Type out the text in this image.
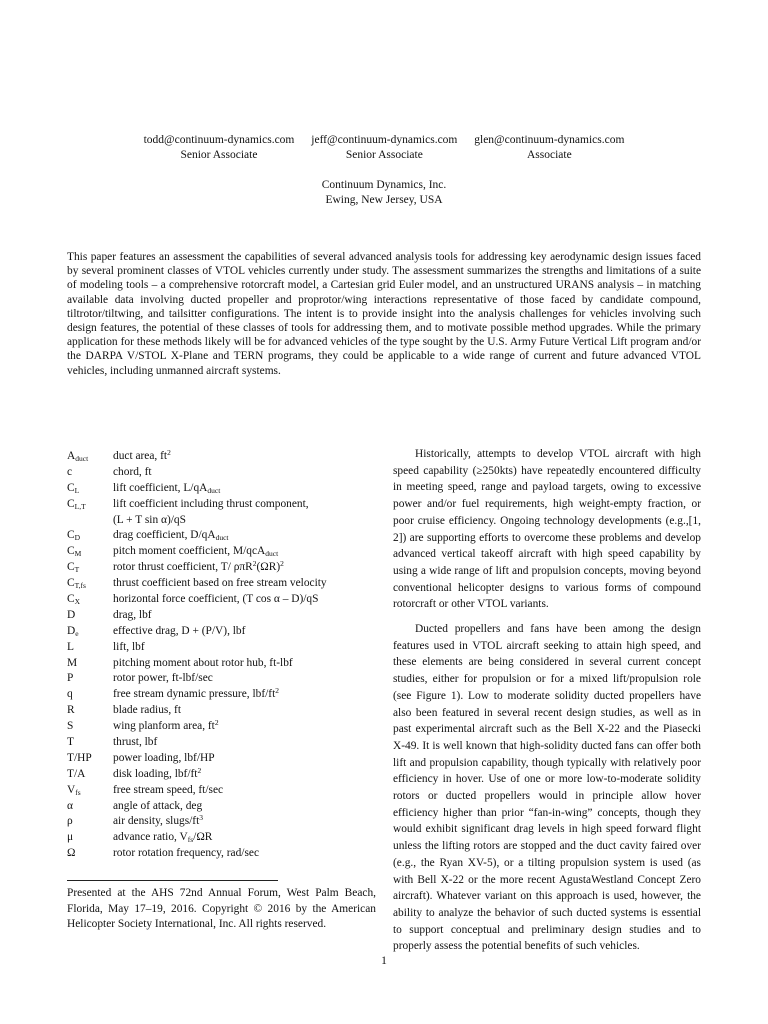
todd@continuum-dynamics.com
Senior Associate

jeff@continuum-dynamics.com
Senior Associate

glen@continuum-dynamics.com
Associate
Continuum Dynamics, Inc.
Ewing, New Jersey, USA

This paper features an assessment the capabilities of several advanced analysis tools for addressing key aerodynamic design issues faced by several prominent classes of VTOL vehicles currently under study. The assessment summarizes the strengths and limitations of a suite of modeling tools – a comprehensive rotorcraft model, a Cartesian grid Euler model, and an unstructured URANS analysis – in matching available data involving ducted propeller and proprotor/wing interactions representative of those faced by candidate compound, tiltrotor/tiltwing, and tailsitter configurations. The intent is to provide insight into the analysis challenges for vehicles involving such design features, the potential of these classes of tools for addressing them, and to motivate possible method upgrades. While the primary application for these methods likely will be for advanced vehicles of the type sought by the U.S. Army Future Vertical Lift program and/or the DARPA V/STOL X-Plane and TERN programs, they could be applicable to a wide range of current and future advanced VTOL vehicles, including unmanned aircraft systems.

$A_{duct}$ duct area, $ft^2$
c	chord, ft
$C_L$	lift coefficient, $L/qA_{duct}$
$C_{L,T}$ lift coefficient including thrust component,
(L + T sin α)/qS
$C_D$	drag coefficient, $D/qA_{duct}$
$C_M$	pitch moment coefficient, M/qcA$_{duct}$
$C_T$	rotor thrust coefficient, T/ $\rho\pi R^2(\Omega R)^2$
$C_{T,fs}$ thrust coefficient based on free stream velocity
$C_X$	horizontal force coefficient, (T cos α – D)/qS
D	drag, lbf
$D_e$	effective drag, D + (P/V), lbf
L	lift, lbf
M	pitching moment about rotor hub, ft-lbf
P	rotor power, ft-lbf/sec
q	free stream dynamic pressure, lbf/$ft^2$
R	blade radius, ft
S	wing planform area, $ft^2$
T	thrust, lbf
T/HP power loading, lbf/HP
T/A disk loading, lbf/$ft^2$
$V_{fs}$	free stream speed, ft/sec
α	angle of attack, deg
ρ	air density, slugs/$ft^3$
μ	advance ratio, $V_{fs}/\Omega R$
Ω	rotor rotation frequency, rad/sec

Presented at the AHS 72nd Annual Forum, West Palm Beach, Florida, May 17–19, 2016. Copyright © 2016 by the American Helicopter Society International, Inc. All rights reserved.

Historically, attempts to develop VTOL aircraft with high speed capability (≥250kts) have repeatedly encountered difficulty in meeting speed, range and payload targets, owing to excessive power and/or fuel requirements, high weight-empty fraction, or poor cruise efficiency. Ongoing technology developments (e.g.,[1, 2]) are supporting efforts to overcome these problems and develop advanced vertical takeoff aircraft with high speed capability by using a wide range of lift and propulsion concepts, moving beyond conventional helicopter designs to various forms of compound rotorcraft or other VTOL variants.

Ducted propellers and fans have been among the design features used in VTOL aircraft seeking to attain high speed, and these elements are being considered in several current concept studies, either for propulsion or for a mixed lift/propulsion role (see Figure 1). Low to moderate solidity ducted propellers have also been featured in several recent design studies, as well as in past experimental aircraft such as the Bell X-22 and the Piasecki X-49. It is well known that high-solidity ducted fans can offer both lift and propulsion capability, though typically with relatively poor efficiency in hover. Use of one or more low-to-moderate solidity rotors or ducted propellers would in principle allow hover efficiency higher than prior “fan-in-wing” concepts, though they would exhibit significant drag levels in high speed forward flight unless the lifting rotors are stopped and the duct cavity faired over (e.g., the Ryan XV-5), or a tilting propulsion system is used (as with Bell X-22 or the more recent AgustaWestland Concept Zero aircraft). Whatever variant on this approach is used, however, the ability to analyze the behavior of such ducted systems is essential to support conceptual and preliminary design studies and to properly assess the potential benefits of such vehicles.

1
